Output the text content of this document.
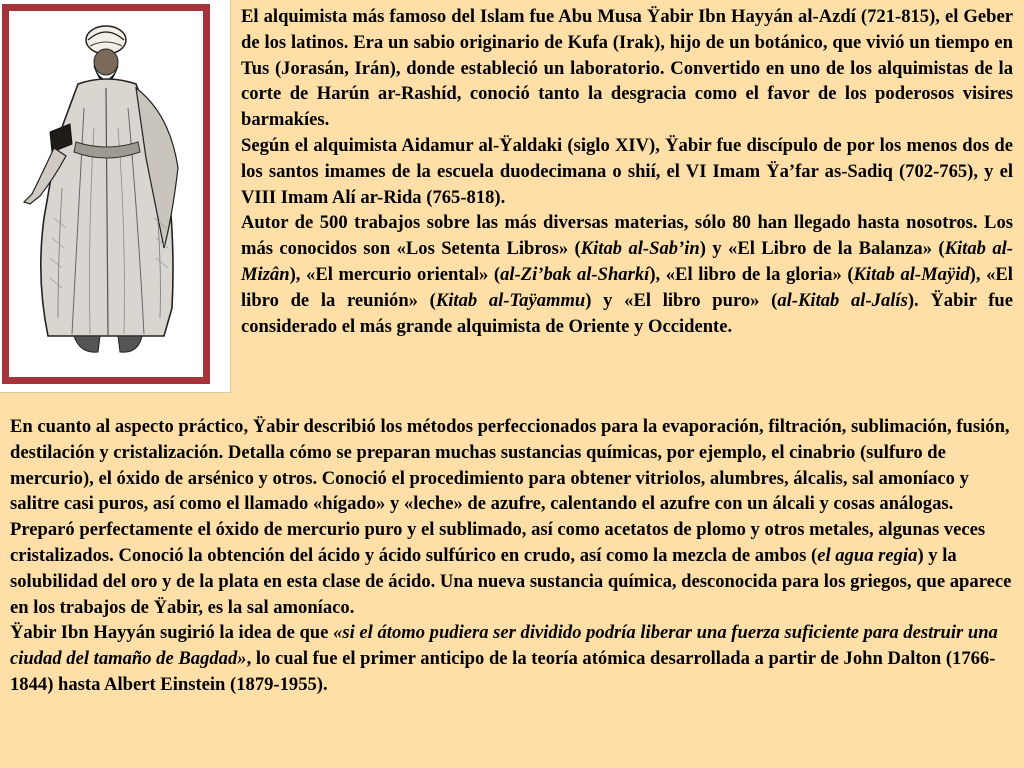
El alquimista más famoso del Islam fue Abu Musa Ÿabir Ibn Hayyán al-Azdí (721-815), el Geber de los latinos. Era un sabio originario de Kufa (Irak), hijo de un botánico, que vivió un tiempo en Tus (Jorasán, Irán), donde estableció un laboratorio. Convertido en uno de los alquimistas de la corte de Harún ar-Rashíd, conoció tanto la desgracia como el favor de los poderosos visires barmakíes.

Según el alquimista Aidamur al-Ÿaldaki (siglo XIV), Ÿabir fue discípulo de por los menos dos de los santos imames de la escuela duodecimana o shií, el VI Imam Ÿa’far as-Sadiq (702-765), y el VIII Imam Alí ar-Rida (765-818).

Autor de 500 trabajos sobre las más diversas materias, sólo 80 han llegado hasta nosotros. Los más conocidos son «Los Setenta Libros» (Kitab al-Sab’in) y «El Libro de la Balanza» (Kitab al-Mizân), «El mercurio oriental» (al-Zi’bak al-Sharkí), «El libro de la gloria» (Kitab al-Maÿid), «El libro de la reunión» (Kitab al-Taÿammu) y «El libro puro» (al-Kitab al-Jalís). Ÿabir fue considerado el más grande alquimista de Oriente y Occidente.

En cuanto al aspecto práctico, Ÿabir describió los métodos perfeccionados para la evaporación, filtración, sublimación, fusión, destilación y cristalización. Detalla cómo se preparan muchas sustancias químicas, por ejemplo, el cinabrio (sulfuro de mercurio), el óxido de arsénico y otros. Conoció el procedimiento para obtener vitriolos, alumbres, álcalis, sal amoníaco y salitre casi puros, así como el llamado «hígado» y «leche» de azufre, calentando el azufre con un álcali y cosas análogas. Preparó perfectamente el óxido de mercurio puro y el sublimado, así como acetatos de plomo y otros metales, algunas veces cristalizados. Conoció la obtención del ácido y ácido sulfúrico en crudo, así como la mezcla de ambos (el agua regia) y la solubilidad del oro y de la plata en esta clase de ácido. Una nueva sustancia química, desconocida para los griegos, que aparece en los trabajos de Ÿabir, es la sal amoníaco.

Ÿabir Ibn Hayyán sugirió la idea de que «si el átomo pudiera ser dividido podría liberar una fuerza suficiente para destruir una ciudad del tamaño de Bagdad», lo cual fue el primer anticipo de la teoría atómica desarrollada a partir de John Dalton (1766-1844) hasta Albert Einstein (1879-1955).
